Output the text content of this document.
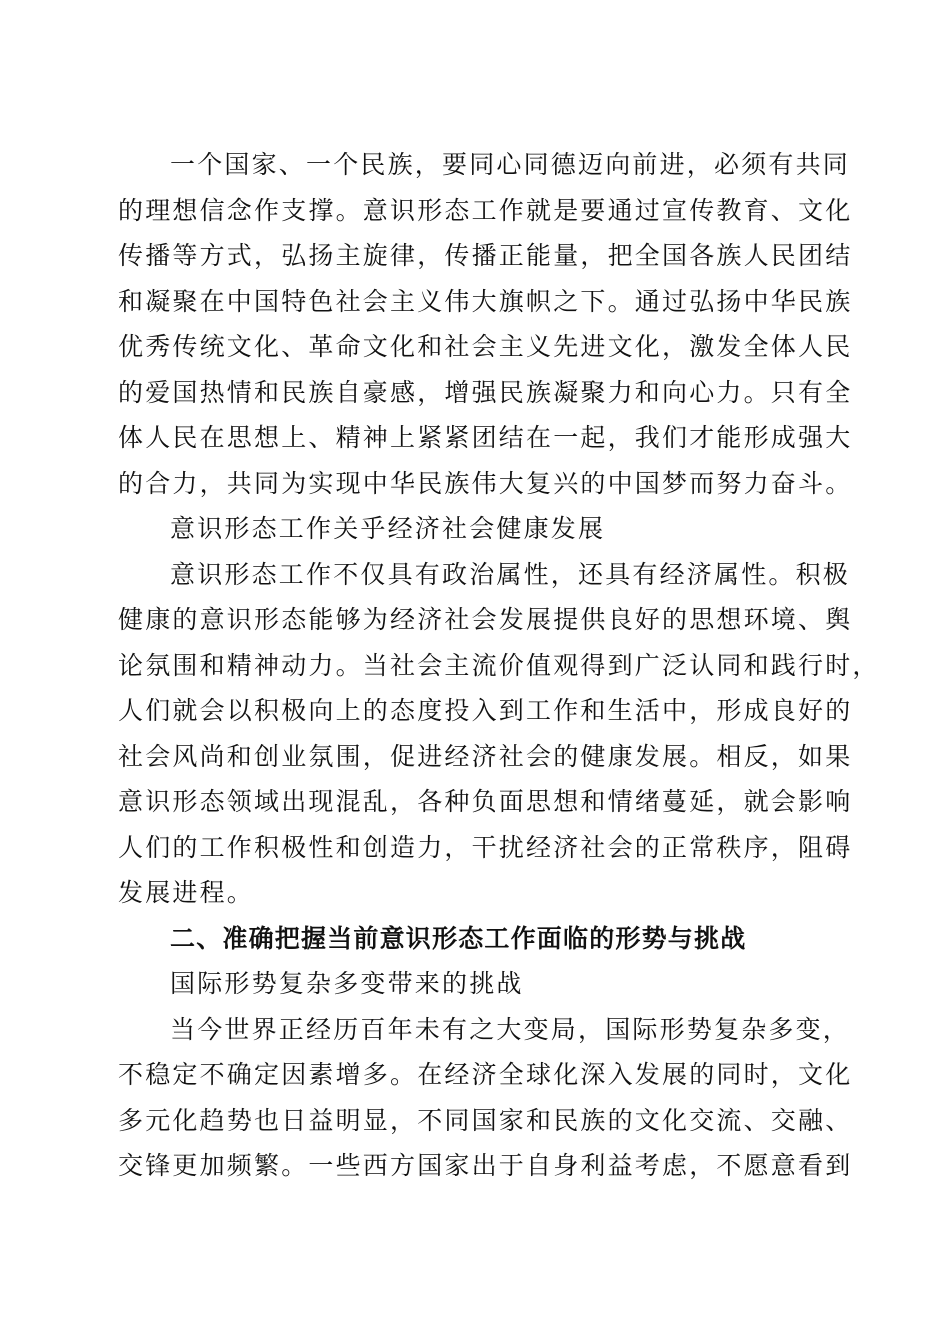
一个国家、一个民族，要同心同德迈向前进，必须有共同
的理想信念作支撑。意识形态工作就是要通过宣传教育、文化
传播等方式，弘扬主旋律，传播正能量，把全国各族人民团结
和凝聚在中国特色社会主义伟大旗帜之下。通过弘扬中华民族
优秀传统文化、革命文化和社会主义先进文化，激发全体人民
的爱国热情和民族自豪感，增强民族凝聚力和向心力。只有全
体人民在思想上、精神上紧紧团结在一起，我们才能形成强大
的合力，共同为实现中华民族伟大复兴的中国梦而努力奋斗。
意识形态工作关乎经济社会健康发展
意识形态工作不仅具有政治属性，还具有经济属性。积极
健康的意识形态能够为经济社会发展提供良好的思想环境、舆
论氛围和精神动力。当社会主流价值观得到广泛认同和践行时，
人们就会以积极向上的态度投入到工作和生活中，形成良好的
社会风尚和创业氛围，促进经济社会的健康发展。相反，如果
意识形态领域出现混乱，各种负面思想和情绪蔓延，就会影响
人们的工作积极性和创造力，干扰经济社会的正常秩序，阻碍
发展进程。
二、准确把握当前意识形态工作面临的形势与挑战
国际形势复杂多变带来的挑战
当今世界正经历百年未有之大变局，国际形势复杂多变，
不稳定不确定因素增多。在经济全球化深入发展的同时，文化
多元化趋势也日益明显，不同国家和民族的文化交流、交融、
交锋更加频繁。一些西方国家出于自身利益考虑，不愿意看到
